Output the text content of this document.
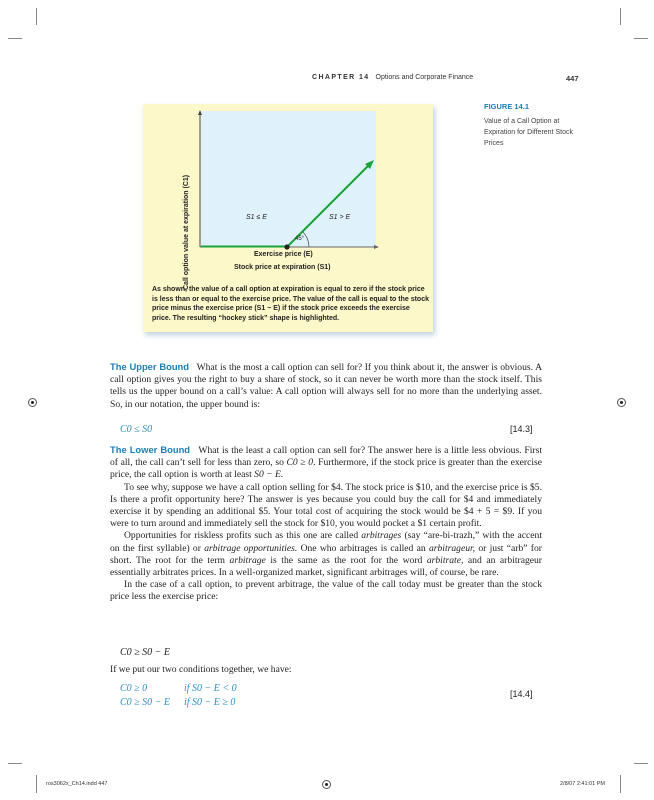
CHAPTER 14 Options and Corporate Finance	447
Call option value at expiration (C1)	S1 ≤ E	S1 > E
45°
Exercise price (E)
Stock price at expiration (S1)
As shown, the value of a call option at expiration is equal to zero if the stock price is less than or equal to the exercise price. The value of the call is equal to the stock price minus the exercise price (S1 − E) if the stock price exceeds the exercise price. The resulting “hockey stick” shape is highlighted.
FIGURE 14.1
Value of a Call Option at Expiration for Different Stock Prices

The Upper Bound What is the most a call option can sell for? If you think about it, the answer is obvious. A call option gives you the right to buy a share of stock, so it can never be worth more than the stock itself. This tells us the upper bound on a call’s value: A call option will always sell for no more than the underlying asset. So, in our notation, the upper bound is:

C0 ≤ S0	[14.3]

The Lower Bound What is the least a call option can sell for? The answer here is a little less obvious. First of all, the call can’t sell for less than zero, so C0 ≥ 0. Furthermore, if the stock price is greater than the exercise price, the call option is worth at least S0 − E.

To see why, suppose we have a call option selling for $4. The stock price is $10, and the exercise price is $5. Is there a profit opportunity here? The answer is yes because you could buy the call for $4 and immediately exercise it by spending an additional $5. Your total cost of acquiring the stock would be $4 + 5 = $9. If you were to turn around and immediately sell the stock for $10, you would pocket a $1 certain profit.

Opportunities for riskless profits such as this one are called arbitrages (say “are-bi-trazh,” with the accent on the first syllable) or arbitrage opportunities. One who arbitrages is called an arbitrageur, or just “arb” for short. The root for the term arbitrage is the same as the root for the word arbitrate, and an arbitrageur essentially arbitrates prices. In a well-organized market, significant arbitrages will, of course, be rare.

In the case of a call option, to prevent arbitrage, the value of the call today must be greater than the stock price less the exercise price:

C0 ≥ S0 − E
If we put our two conditions together, we have:
C0 ≥ 0	if S0 − E < 0
C0 ≥ S0 − E if S0 − E ≥ 0
[14.4]
ros3062x_Ch14.indd 447	2/8/07 2:41:01 PM
